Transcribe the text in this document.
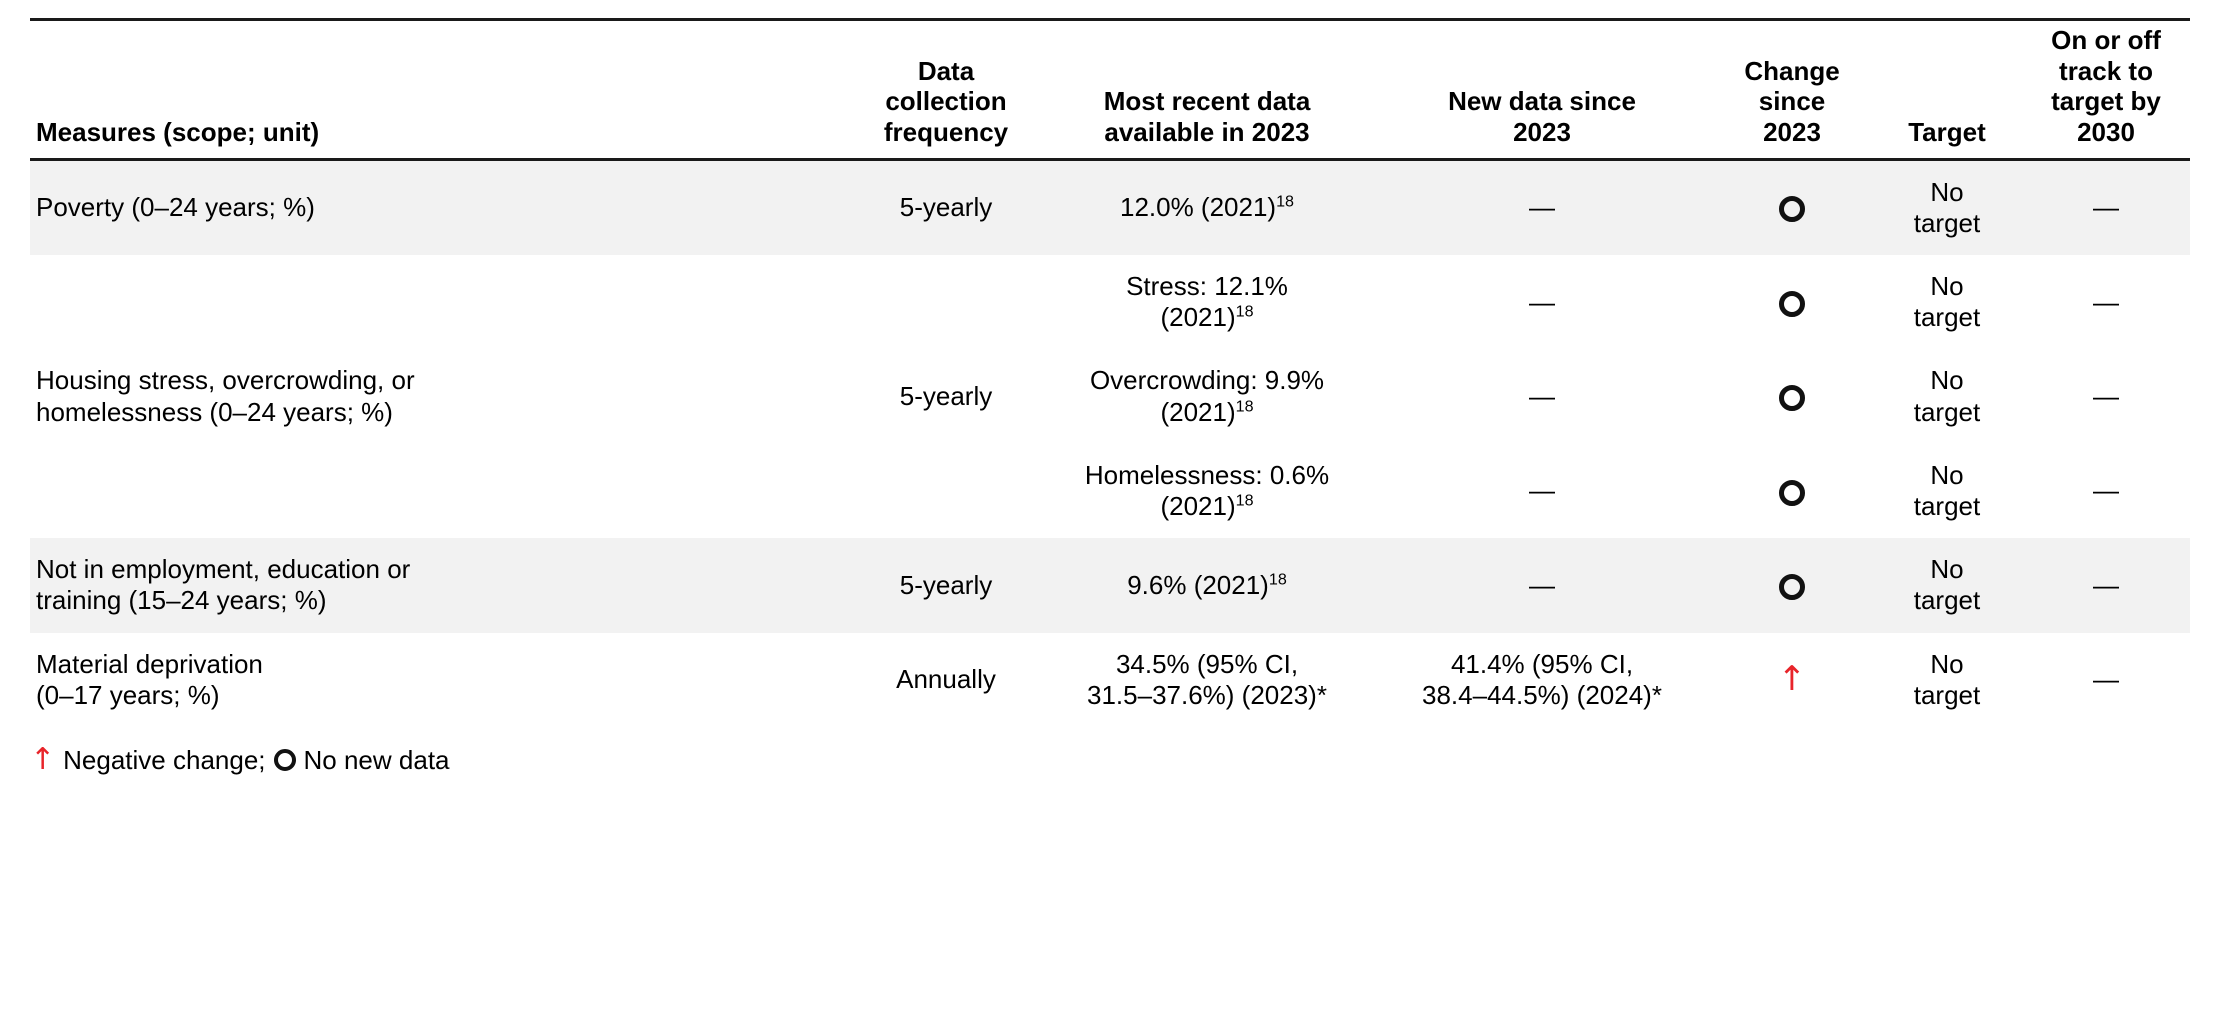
Measures (scope; unit)	Data
collection
frequency	Most recent data
available in 2023	New data since
2023	Change
since
2023	Target	On or off
track to
target by
2030
Poverty (0–24 years; %)	5-yearly	12.0% $(2021)^{18}$	—		No
target	—
Housing stress, overcrowding, or
homelessness (0–24 years; %)	5-yearly	Stress: 12.1%
$(2021)^{18}$	—		No
target	—
		Overcrowding: 9.9%
$(2021)^{18}$	—		No
target	—
		Homelessness: 0.6%
$(2021)^{18}$	—		No
target	—
Not in employment, education or
training (15–24 years; %)	5-yearly	9.6% $(2021)^{18}$	—		No
target	—
Material deprivation
(0–17 years; %)	Annually	34.5% (95% CI,
31.5–37.6%) (2023)*	41.4% (95% CI,
38.4–44.5%) (2024)*	↑	No
target	—
↑ Negative change; No new data
